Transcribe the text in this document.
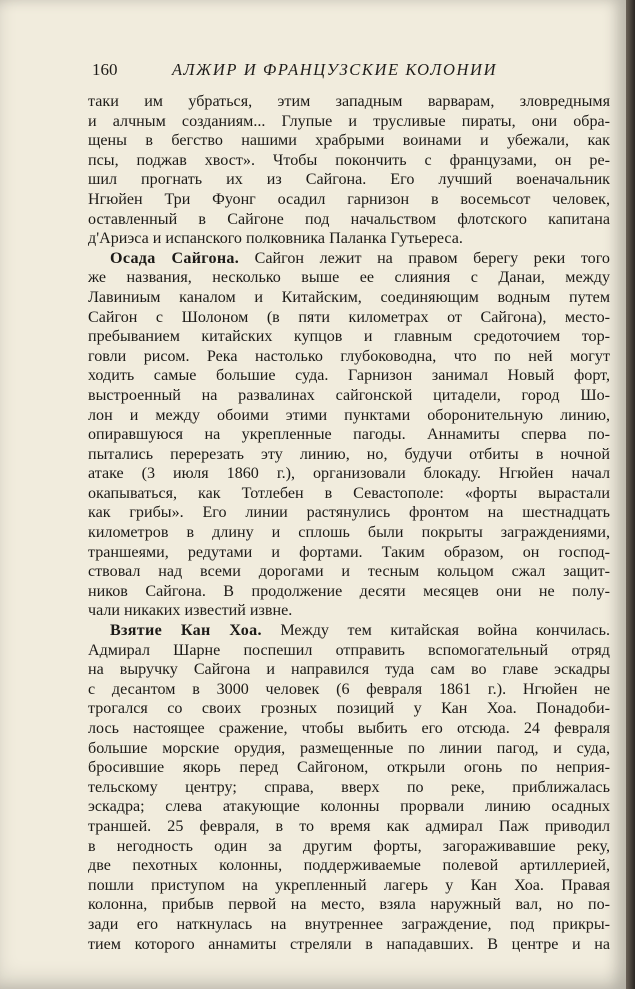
160	АЛЖИР И ФРАНЦУЗСКИЕ КОЛОНИИ
таки им убраться, этим западным варварам, зловреднымя
и алчным созданиям... Глупые и трусливые пираты, они обра-
щены в бегство нашими храбрыми воинами и убежали, как
псы, поджав хвост». Чтобы покончить с французами, он ре-
шил прогнать их из Сайгона. Его лучший военачальник
Нгюйен Три Фуонг осадил гарнизон в восемьсот человек,
оставленный в Сайгоне под начальством флотского капитана
д'Ариэса и испанского полковника Паланка Гутьереса.
Осада Сайгона. Сайгон лежит на правом берегу реки того
же названия, несколько выше ее слияния с Данаи, между
Лавиниым каналом и Китайским, соединяющим водным путем
Сайгон с Шолоном (в пяти километрах от Сайгона), место-
пребыванием китайских купцов и главным средоточием тор-
говли рисом. Река настолько глубоководна, что по ней могут
ходить самые большие суда. Гарнизон занимал Новый форт,
выстроенный на развалинах сайгонской цитадели, город Шо-
лон и между обоими этими пунктами оборонительную линию,
опиравшуюся на укрепленные пагоды. Аннамиты сперва по-
пытались перерезать эту линию, но, будучи отбиты в ночной
атаке (3 июля 1860 г.), организовали блокаду. Нгюйен начал
окапываться, как Тотлебен в Севастополе: «форты вырастали
как грибы». Его линии растянулись фронтом на шестнадцать
километров в длину и сплошь были покрыты заграждениями,
траншеями, редутами и фортами. Таким образом, он господ-
ствовал над всеми дорогами и тесным кольцом сжал защит-
ников Сайгона. В продолжение десяти месяцев они не полу-
чали никаких известий извне.
Взятие Кан Хоа. Между тем китайская война кончилась.
Адмирал Шарне поспешил отправить вспомогательный отряд
на выручку Сайгона и направился туда сам во главе эскадры
с десантом в 3000 человек (6 февраля 1861 г.). Нгюйен не
трогался со своих грозных позиций у Кан Хоа. Понадоби-
лось настоящее сражение, чтобы выбить его отсюда. 24 февраля
большие морские орудия, размещенные по линии пагод, и суда,
бросившие якорь перед Сайгоном, открыли огонь по неприя-
тельскому центру; справа, вверх по реке, приближалась
эскадра; слева атакующие колонны прорвали линию осадных
траншей. 25 февраля, в то время как адмирал Паж приводил
в негодность один за другим форты, загораживавшие реку,
две пехотных колонны, поддерживаемые полевой артиллерией,
пошли приступом на укрепленный лагерь у Кан Хоа. Правая
колонна, прибыв первой на место, взяла наружный вал, но по-
зади его наткнулась на внутреннее заграждение, под прикры-
тием которого аннамиты стреляли в нападавших. В центре и на
